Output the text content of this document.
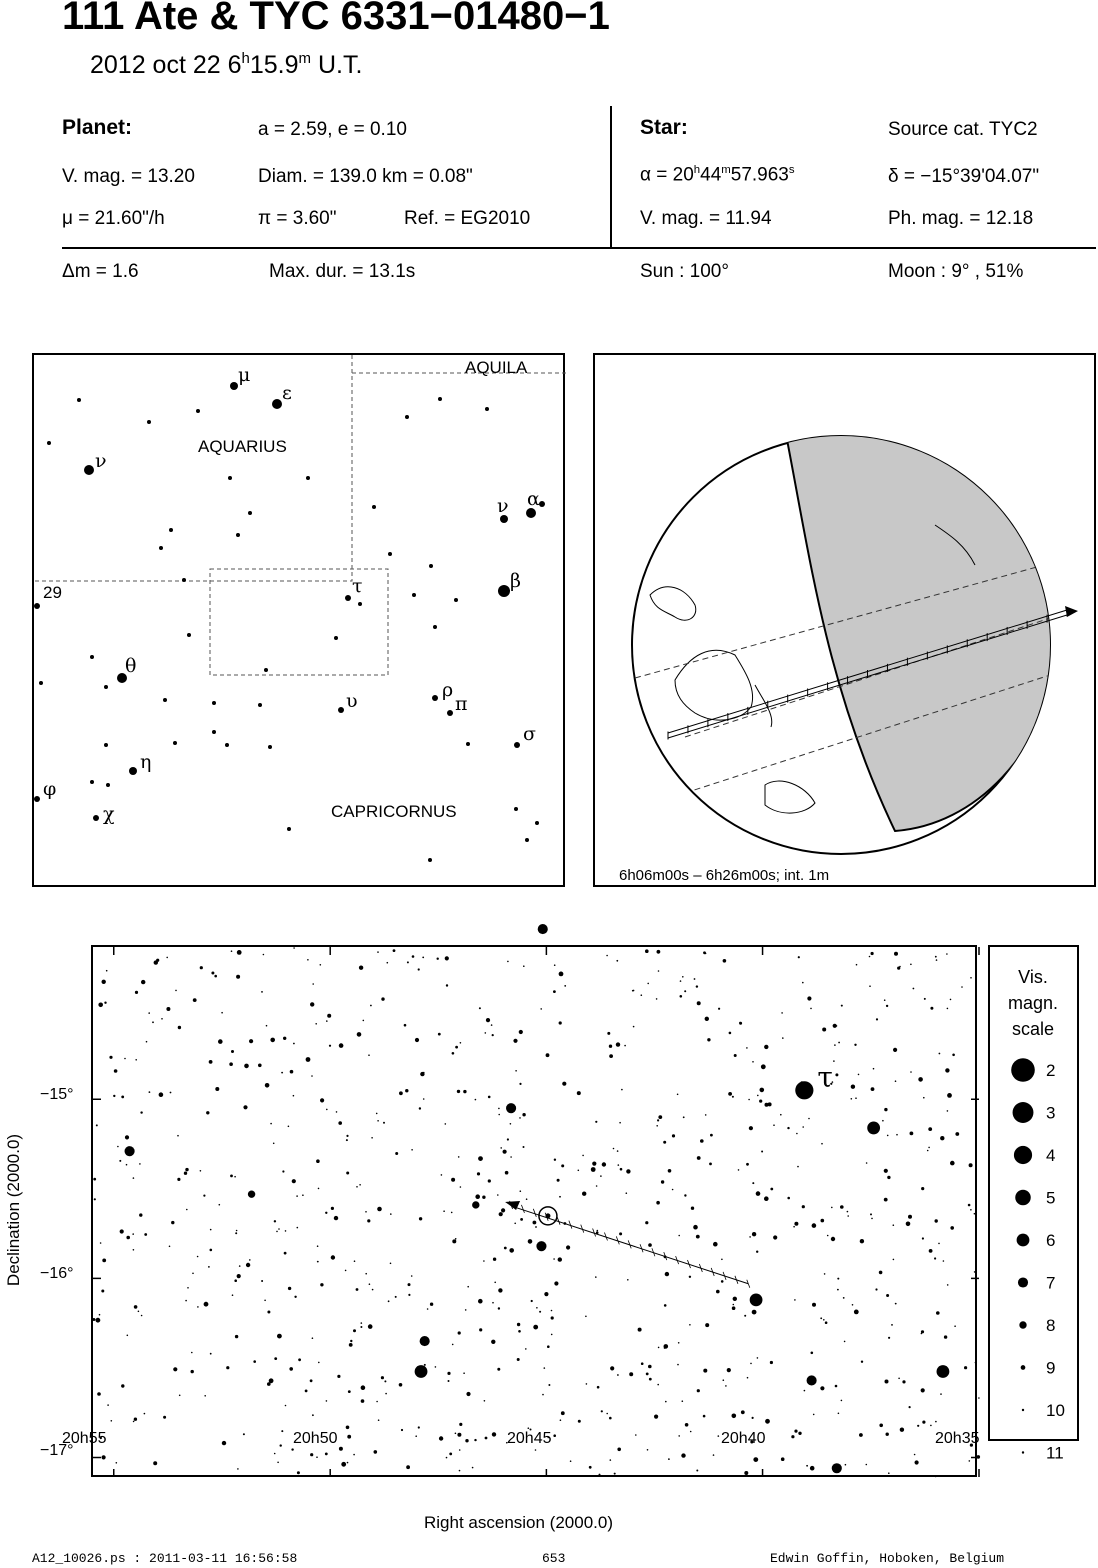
111 Ate & TYC 6331−01480−1
2012 oct 22 6$^h$15.9$^m$ U.T.
Planet:	a = 2.59, e = 0.10
V. mag. = 13.20	Diam. = 139.0 km = 0.08"
μ = 21.60"/h	π = 3.60"	Ref. = EG2010
Star:	Source cat. TYC2
$\alpha = 20^h44^m57.963^s$	δ = −15°39'04.07"
V. mag. = 11.94	Ph. mag. = 12.18
Δm = 1.6	Max. dur. = 13.1s	Sun : 100°	Moon : 9° , 51%
AQUILA
AQUARIUS
CAPRICORNUS
29
μ
ε
ν
ν α
β
τ
θ
ρ
π
υ
σ
η
φ
χ
6h06m00s – 6h26m00s; int. 1m
τ
20h55	20h50	20h45	20h40	20h35
−15°
−16°
−17°
Right ascension (2000.0)
Declination (2000.0)
Vis.
magn.
scale
2
3
4
5
6
7
8
9
10
11
A12_10026.ps : 2011-03-11 16:56:58	653	Edwin Goffin, Hoboken, Belgium
